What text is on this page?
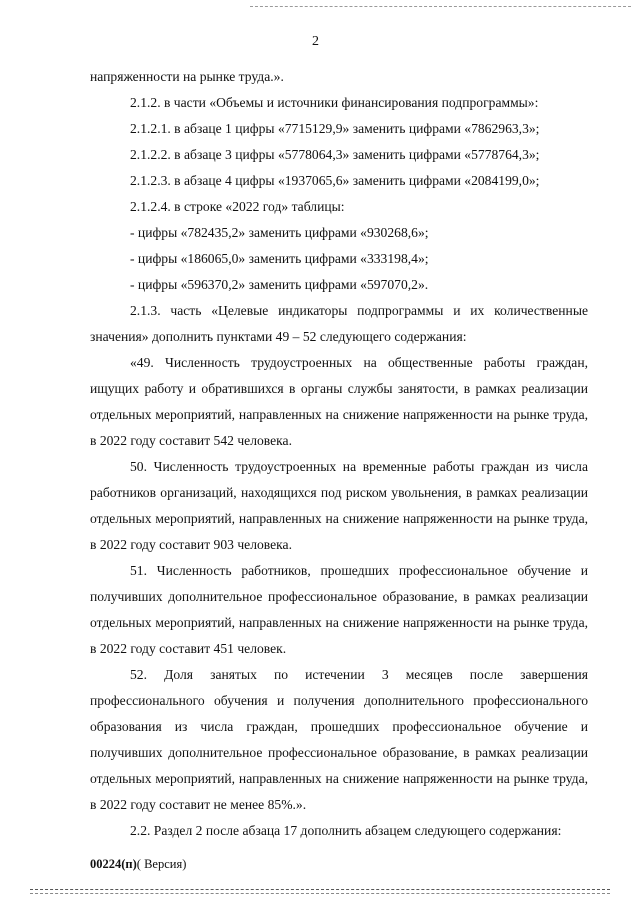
2

напряженности на рынке труда.».

2.1.2. в части «Объемы и источники финансирования подпрограммы»:

2.1.2.1. в абзаце 1 цифры «7715129,9» заменить цифрами «7862963,3»;

2.1.2.2. в абзаце 3 цифры «5778064,3» заменить цифрами «5778764,3»;

2.1.2.3. в абзаце 4 цифры «1937065,6» заменить цифрами «2084199,0»;

2.1.2.4. в строке «2022 год» таблицы:

- цифры «782435,2» заменить цифрами «930268,6»;

- цифры «186065,0» заменить цифрами «333198,4»;

- цифры «596370,2» заменить цифрами «597070,2».

2.1.3. часть «Целевые индикаторы подпрограммы и их количественные значения» дополнить пунктами 49 – 52 следующего содержания:

«49. Численность трудоустроенных на общественные работы граждан, ищущих работу и обратившихся в органы службы занятости, в рамках реализации отдельных мероприятий, направленных на снижение напряженности на рынке труда, в 2022 году составит 542 человека.

50. Численность трудоустроенных на временные работы граждан из числа работников организаций, находящихся под риском увольнения, в рамках реализации отдельных мероприятий, направленных на снижение напряженности на рынке труда, в 2022 году составит 903 человека.

51. Численность работников, прошедших профессиональное обучение и получивших дополнительное профессиональное образование, в рамках реализации отдельных мероприятий, направленных на снижение напряженности на рынке труда, в 2022 году составит 451 человек.

52. Доля занятых по истечении 3 месяцев после завершения профессионального обучения и получения дополнительного профессионального образования из числа граждан, прошедших профессиональное обучение и получивших дополнительное профессиональное образование, в рамках реализации отдельных мероприятий, направленных на снижение напряженности на рынке труда, в 2022 году составит не менее 85%.».

2.2. Раздел 2 после абзаца 17 дополнить абзацем следующего содержания:

00224(п)( Версия)
